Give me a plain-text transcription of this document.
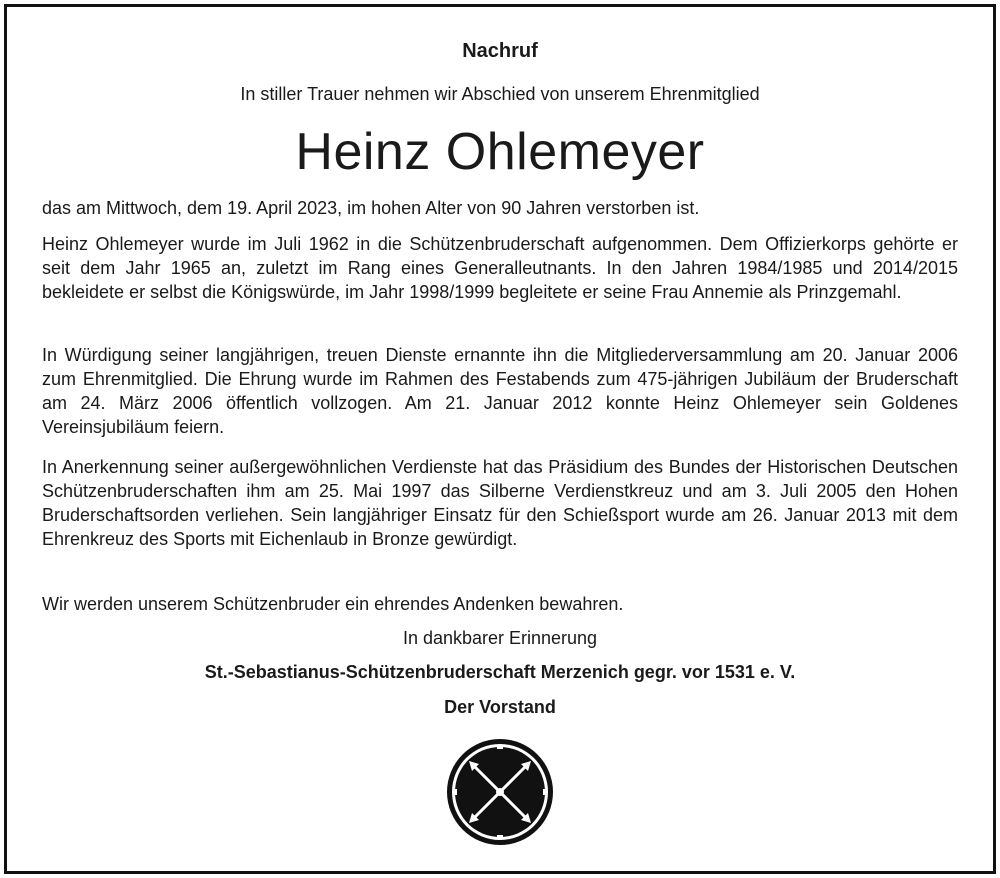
Nachruf
In stiller Trauer nehmen wir Abschied von unserem Ehrenmitglied
Heinz Ohlemeyer
das am Mittwoch, dem 19. April 2023, im hohen Alter von 90 Jahren verstorben ist.
Heinz Ohlemeyer wurde im Juli 1962 in die Schützenbruderschaft aufgenommen. Dem Offizierkorps gehörte er seit dem Jahr 1965 an, zuletzt im Rang eines Generalleutnants. In den Jahren 1984/1985 und 2014/2015 bekleidete er selbst die Königswürde, im Jahr 1998/1999 begleitete er seine Frau Annemie als Prinzgemahl.
In Würdigung seiner langjährigen, treuen Dienste ernannte ihn die Mitgliederversammlung am 20. Januar 2006 zum Ehrenmitglied. Die Ehrung wurde im Rahmen des Festabends zum 475-jährigen Jubiläum der Bruderschaft am 24. März 2006 öffentlich vollzogen. Am 21. Januar 2012 konnte Heinz Ohlemeyer sein Goldenes Vereinsjubiläum feiern.
In Anerkennung seiner außergewöhnlichen Verdienste hat das Präsidium des Bundes der Historischen Deutschen Schützenbruderschaften ihm am 25. Mai 1997 das Silberne Verdienstkreuz und am 3. Juli 2005 den Hohen Bruderschaftsorden verliehen. Sein langjähriger Einsatz für den Schießsport wurde am 26. Januar 2013 mit dem Ehrenkreuz des Sports mit Eichenlaub in Bronze gewürdigt.
Wir werden unserem Schützenbruder ein ehrendes Andenken bewahren.
In dankbarer Erinnerung
St.-Sebastianus-Schützenbruderschaft Merzenich gegr. vor 1531 e. V.
Der Vorstand
